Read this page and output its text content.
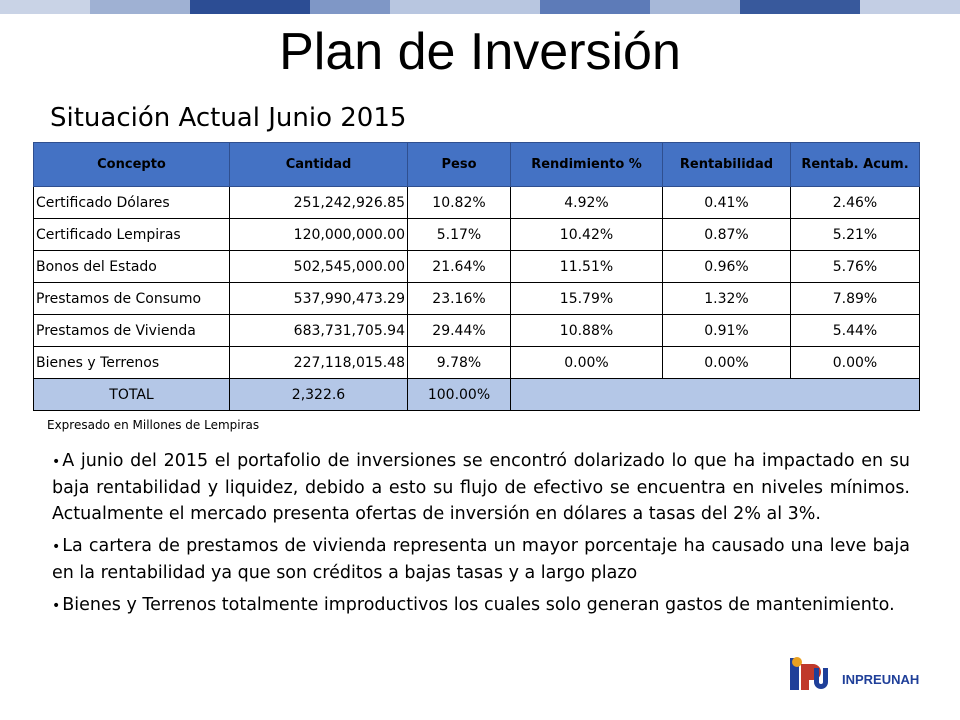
Plan de Inversión
Situación Actual Junio 2015
Concepto	Cantidad	Peso	Rendimiento %	Rentabilidad	Rentab. Acum.
Certificado Dólares	251,242,926.85	10.82%	4.92%	0.41%	2.46%
Certificado Lempiras	120,000,000.00	5.17%	10.42%	0.87%	5.21%
Bonos del Estado	502,545,000.00	21.64%	11.51%	0.96%	5.76%
Prestamos de Consumo	537,990,473.29	23.16%	15.79%	1.32%	7.89%
Prestamos de Vivienda	683,731,705.94	29.44%	10.88%	0.91%	5.44%
Bienes y Terrenos	227,118,015.48	9.78%	0.00%	0.00%	0.00%
TOTAL	2,322.6	100.00%			
Expresado en Millones de Lempiras
• A junio del 2015 el portafolio de inversiones se encontró dolarizado lo que ha impactado en su baja rentabilidad y liquidez, debido a esto su flujo de efectivo se encuentra en niveles mínimos. Actualmente el mercado presenta ofertas de inversión en dólares a tasas del 2% al 3%.
• La cartera de prestamos de vivienda representa un mayor porcentaje ha causado una leve baja en la rentabilidad ya que son créditos a bajas tasas y a largo plazo
• Bienes y Terrenos totalmente improductivos los cuales solo generan gastos de mantenimiento.
INPREUNAH
